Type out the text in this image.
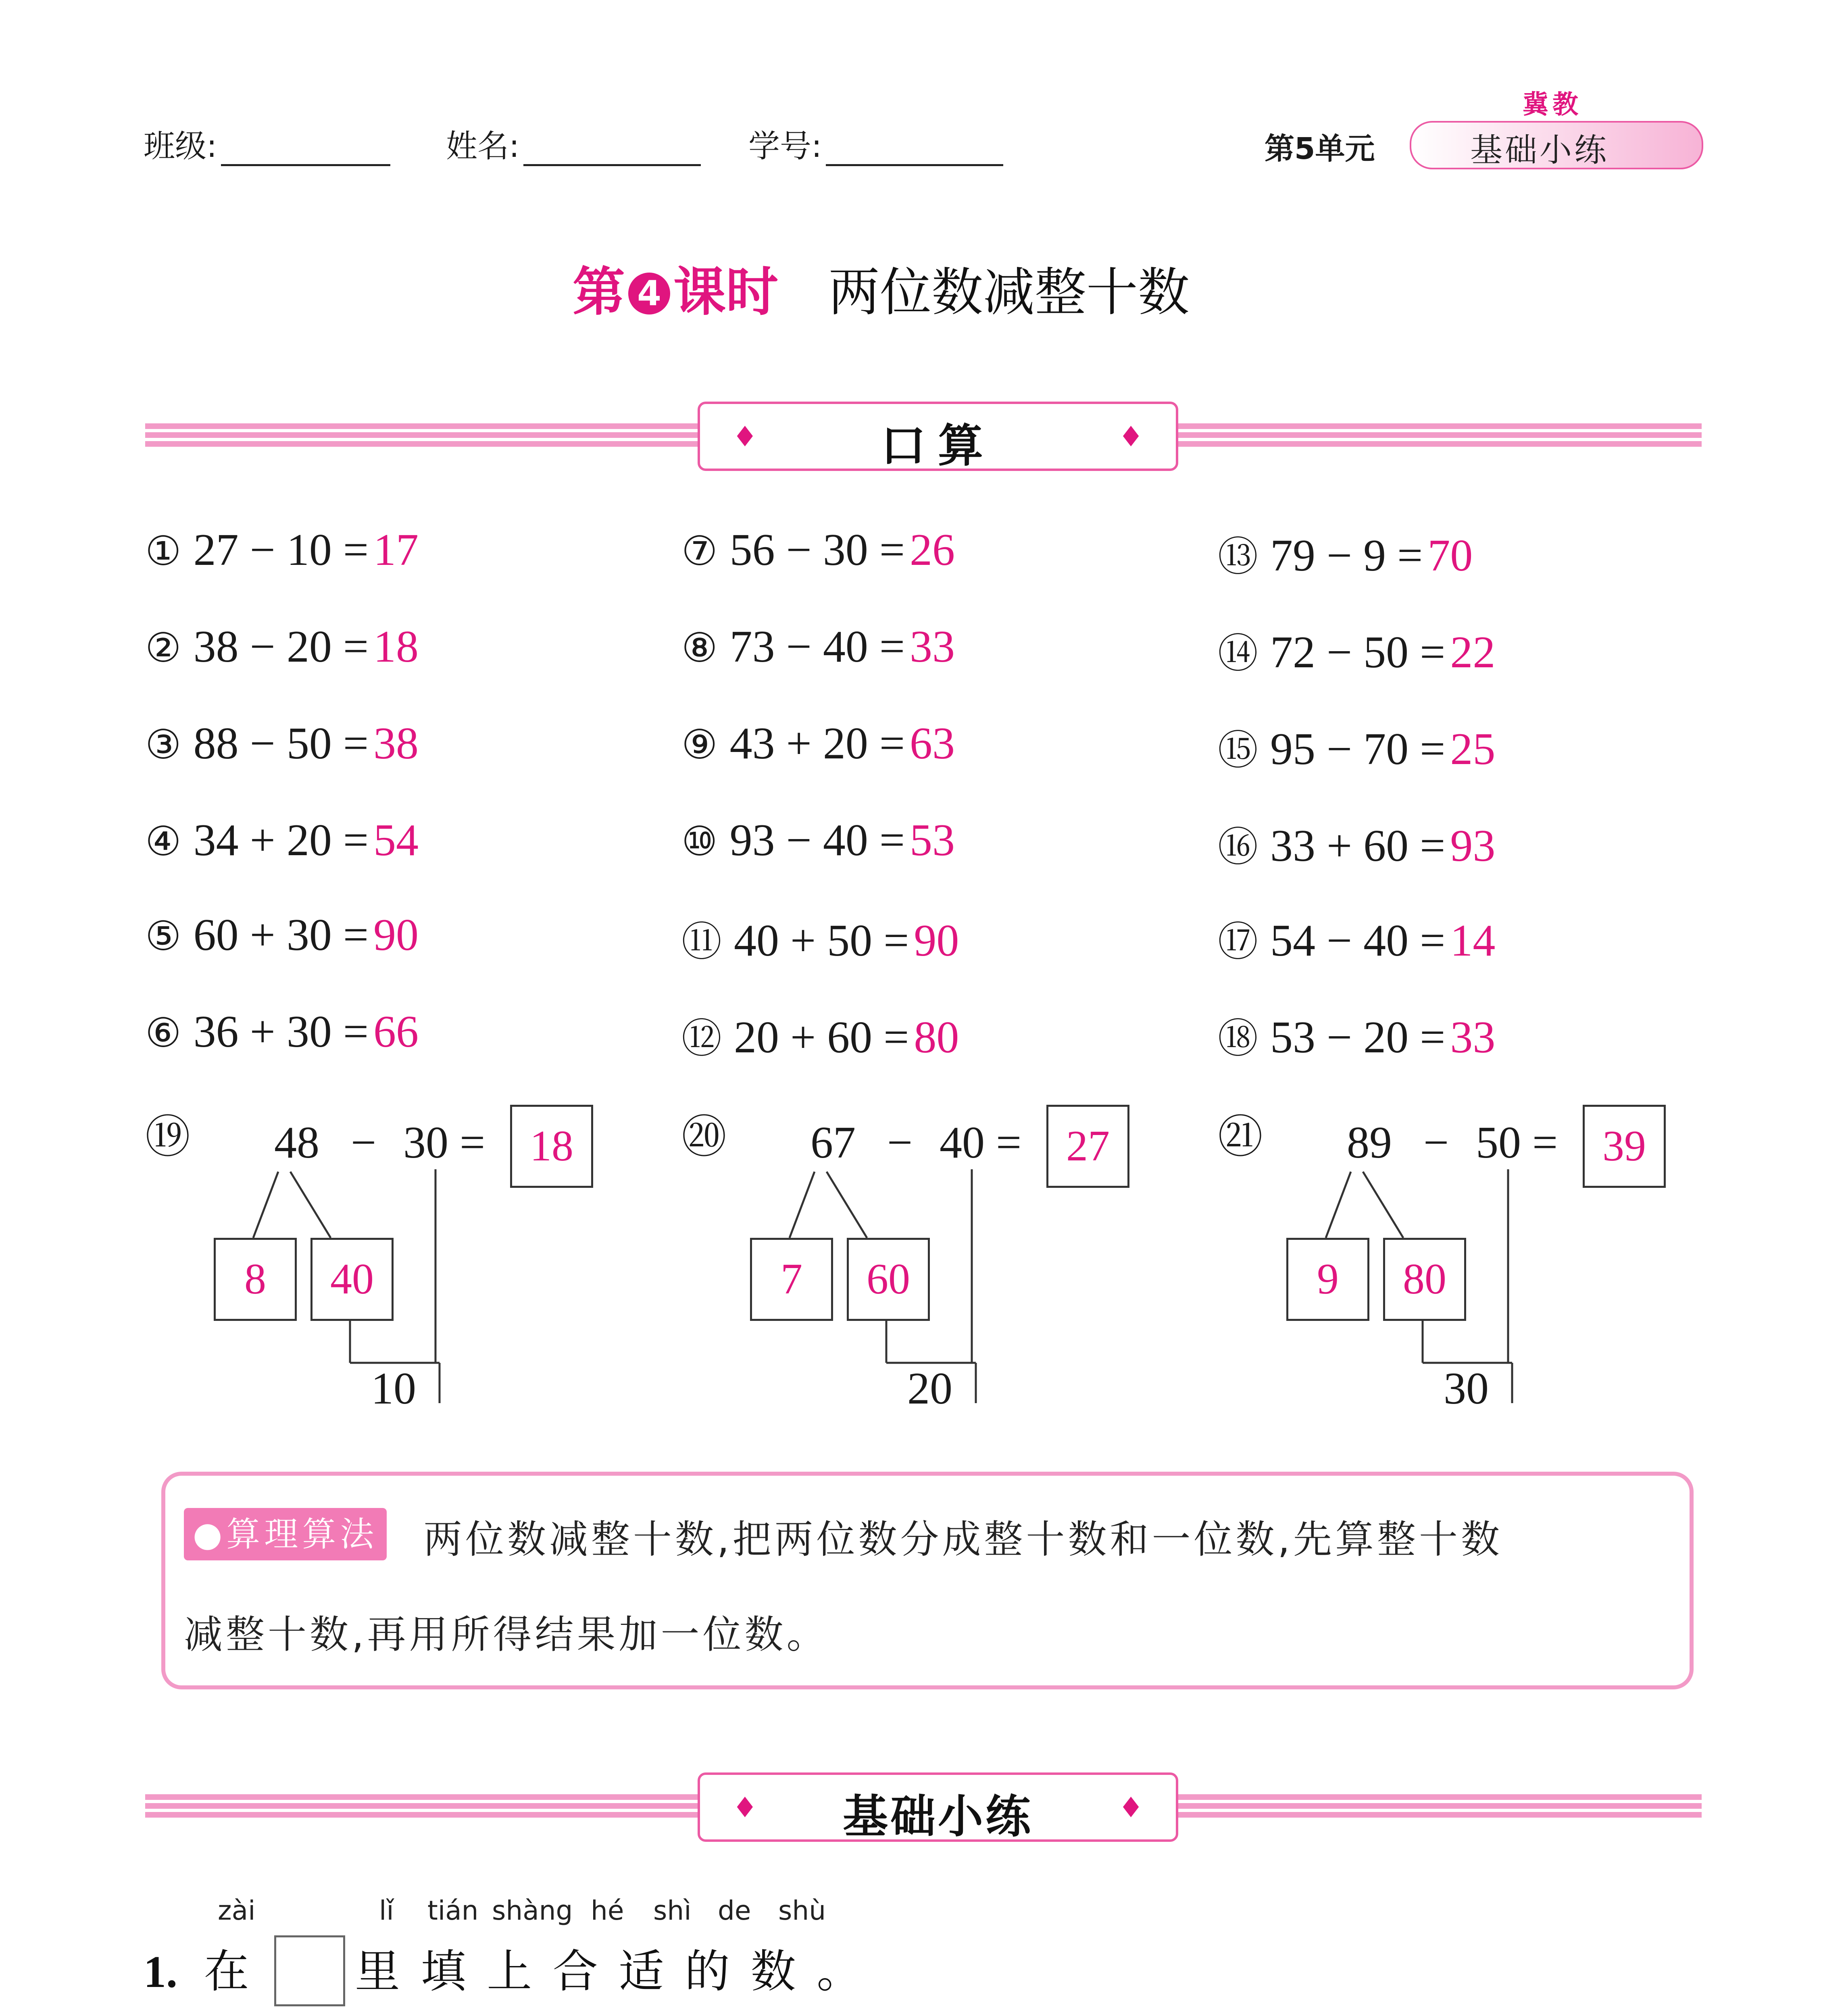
班级:	姓名:	学号:	第5单元
冀教
基础小练
第 4 课时 两位数减整十数
♦	口算	♦
① 27 − 10 = 17
② 38 − 20 = 18
③ 88 − 50 = 38
④ 34 + 20 = 54
⑤ 60 + 30 = 90
⑥ 36 + 30 = 66
⑦ 56 − 30 = 26
⑧ 73 − 40 = 33
⑨ 43 + 20 = 63
⑩ 93 − 40 = 53
⑪ 40 + 50 = 90
⑫ 20 + 60 = 80
⑬ 79 − 9 = 70
⑭ 72 − 50 = 22
⑮ 95 − 70 = 25
⑯ 33 + 60 = 93
⑰ 54 − 40 = 14
⑱ 53 − 20 = 33
⑲ 48 − 30 =	18
8	40
10
⑳ 67 − 40 =	27
7	60
20
㉑ 89 − 50 =	39
9	80
30
●算理算法 两位数减整十数,把两位数分成整十数和一位数,先算整十数
减整十数,再用所得结果加一位数。
♦	基础小练	♦
zài	lǐ tián shàng hé shì de shù
1. 在 里 填 上 合 适 的 数 。
